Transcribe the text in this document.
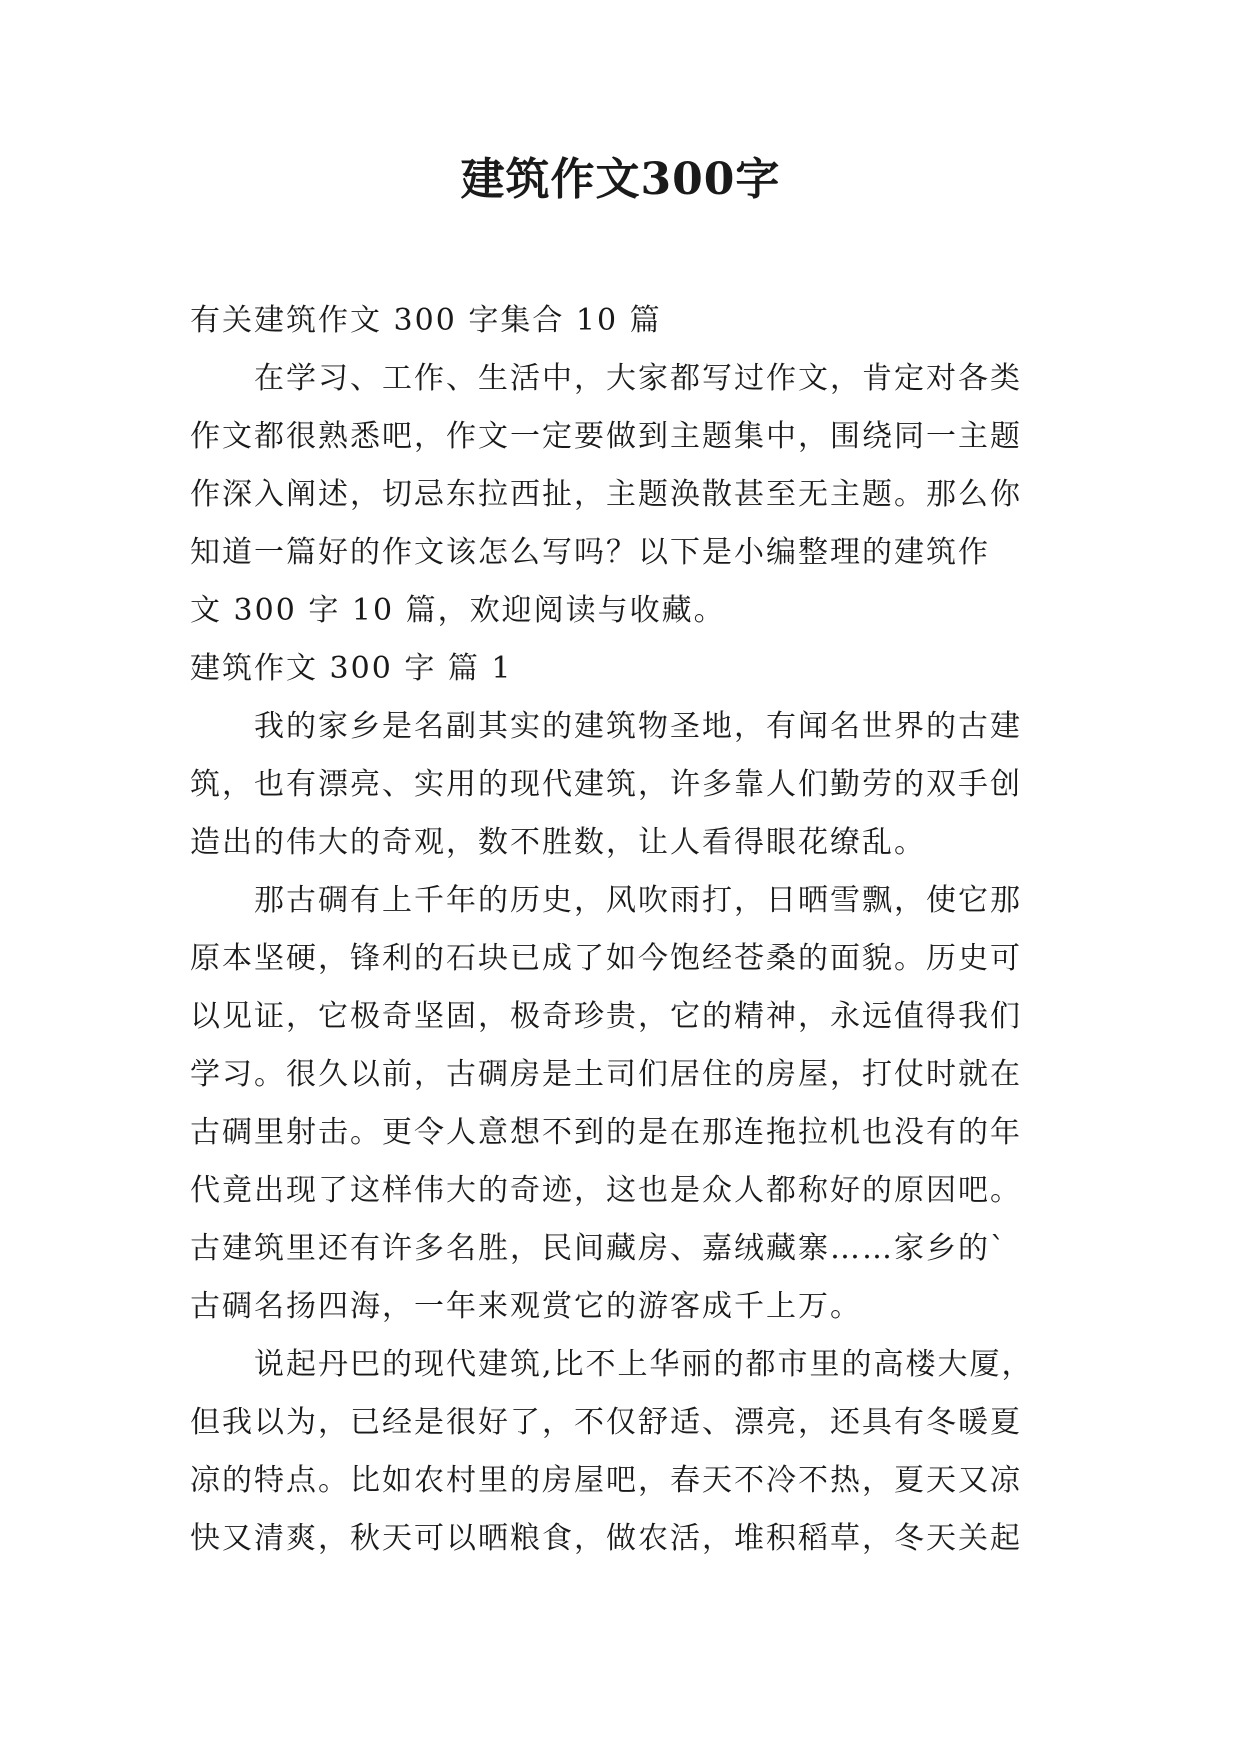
建筑作文300字
有关建筑作文 300 字集合 10 篇
在学习、工作、生活中，大家都写过作文，肯定对各类
作文都很熟悉吧，作文一定要做到主题集中，围绕同一主题
作深入阐述，切忌东拉西扯，主题涣散甚至无主题。那么你
知道一篇好的作文该怎么写吗？以下是小编整理的建筑作
文 300 字 10 篇，欢迎阅读与收藏。
建筑作文 300 字 篇 1
我的家乡是名副其实的建筑物圣地，有闻名世界的古建
筑，也有漂亮、实用的现代建筑，许多靠人们勤劳的双手创
造出的伟大的奇观，数不胜数，让人看得眼花缭乱。
那古碉有上千年的历史，风吹雨打，日晒雪飘，使它那
原本坚硬，锋利的石块已成了如今饱经苍桑的面貌。历史可
以见证，它极奇坚固，极奇珍贵，它的精神，永远值得我们
学习。很久以前，古碉房是土司们居住的房屋，打仗时就在
古碉里射击。更令人意想不到的是在那连拖拉机也没有的年
代竟出现了这样伟大的奇迹，这也是众人都称好的原因吧。
古建筑里还有许多名胜，民间藏房、嘉绒藏寨……家乡的`
古碉名扬四海，一年来观赏它的游客成千上万。
说起丹巴的现代建筑,比不上华丽的都市里的高楼大厦，
但我以为，已经是很好了，不仅舒适、漂亮，还具有冬暖夏
凉的特点。比如农村里的房屋吧，春天不冷不热，夏天又凉
快又清爽，秋天可以晒粮食，做农活，堆积稻草，冬天关起
